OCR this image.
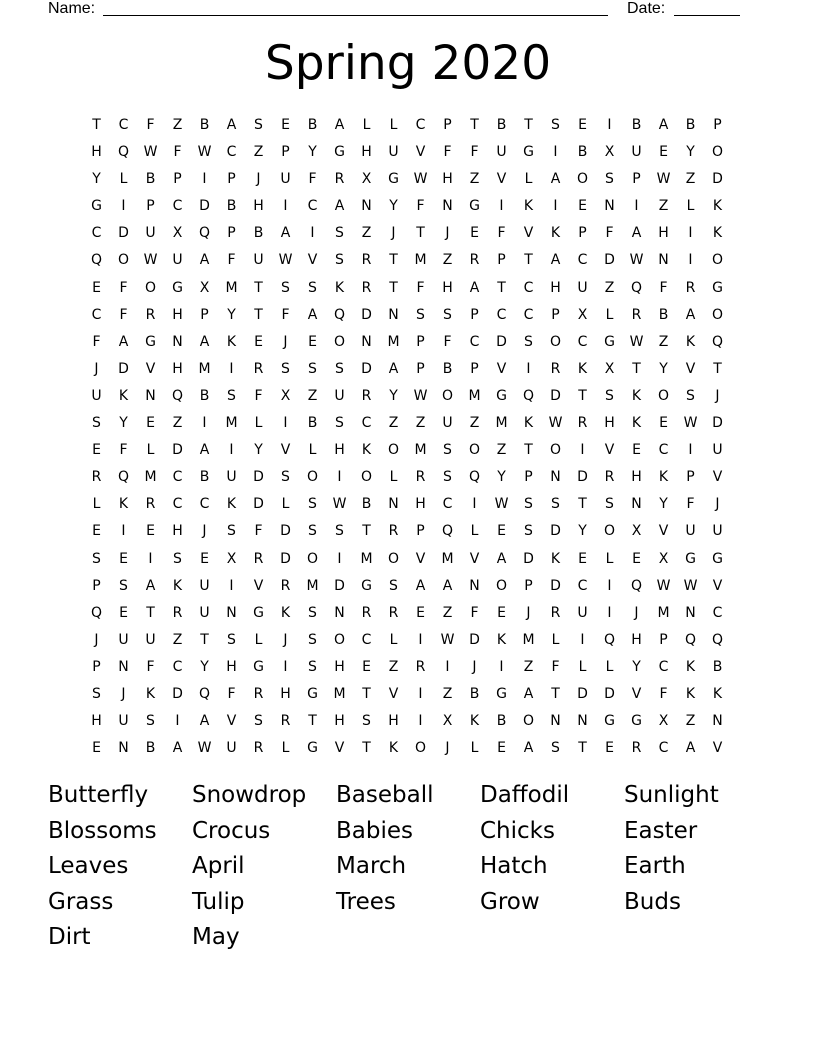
Name:	Date:
Spring 2020
T	C	F	Z	B	A	S	E	B	A	L	L	C	P	T	B	T	S	E	I	B	A	B	P
H	Q	W	F	W	C	Z	P	Y	G	H	U	V	F	F	U	G	I	B	X	U	E	Y	O
Y	L	B	P	I	P	J	U	F	R	X	G	W	H	Z	V	L	A	O	S	P	W	Z	D
G	I	P	C	D	B	H	I	C	A	N	Y	F	N	G	I	K	I	E	N	I	Z	L	K
C	D	U	X	Q	P	B	A	I	S	Z	J	T	J	E	F	V	K	P	F	A	H	I	K
Q	O	W	U	A	F	U	W	V	S	R	T	M	Z	R	P	T	A	C	D	W	N	I	O
E	F	O	G	X	M	T	S	S	K	R	T	F	H	A	T	C	H	U	Z	Q	F	R	G
C	F	R	H	P	Y	T	F	A	Q	D	N	S	S	P	C	C	P	X	L	R	B	A	O
F	A	G	N	A	K	E	J	E	O	N	M	P	F	C	D	S	O	C	G	W	Z	K	Q
J	D	V	H	M	I	R	S	S	S	D	A	P	B	P	V	I	R	K	X	T	Y	V	T
U	K	N	Q	B	S	F	X	Z	U	R	Y	W	O	M	G	Q	D	T	S	K	O	S	J
S	Y	E	Z	I	M	L	I	B	S	C	Z	Z	U	Z	M	K	W	R	H	K	E	W	D
E	F	L	D	A	I	Y	V	L	H	K	O	M	S	O	Z	T	O	I	V	E	C	I	U
R	Q	M	C	B	U	D	S	O	I	O	L	R	S	Q	Y	P	N	D	R	H	K	P	V
L	K	R	C	C	K	D	L	S	W	B	N	H	C	I	W	S	S	T	S	N	Y	F	J
E	I	E	H	J	S	F	D	S	S	T	R	P	Q	L	E	S	D	Y	O	X	V	U	U
S	E	I	S	E	X	R	D	O	I	M	O	V	M	V	A	D	K	E	L	E	X	G	G
P	S	A	K	U	I	V	R	M	D	G	S	A	A	N	O	P	D	C	I	Q	W W	V
Q	E	T	R	U	N	G	K	S	N	R	R	E	Z	F	E	J	R	U	I	J	M	N	C
J	U	U	Z	T	S	L	J	S	O	C	L	I	W	D	K	M	L	I	Q	H	P	Q	Q
P	N	F	C	Y	H	G	I	S	H	E	Z	R	I	J	I	Z	F	L	L	Y	C	K	B
S	J	K	D	Q	F	R	H	G	M	T	V	I	Z	B	G	A	T	D	D	V	F	K	K
H	U	S	I	A	V	S	R	T	H	S	H	I	X	K	B	O	N	N	G	G	X	Z	N
E	N	B	A	W	U	R	L	G	V	T	K	O	J	L	E	A	S	T	E	R	C	A	V
Butterfly	Snowdrop	Baseball	Daffodil	Sunlight
Blossoms	Crocus	Babies	Chicks	Easter
Leaves	April	March	Hatch	Earth
Grass	Tulip	Trees	Grow	Buds
Dirt	May
